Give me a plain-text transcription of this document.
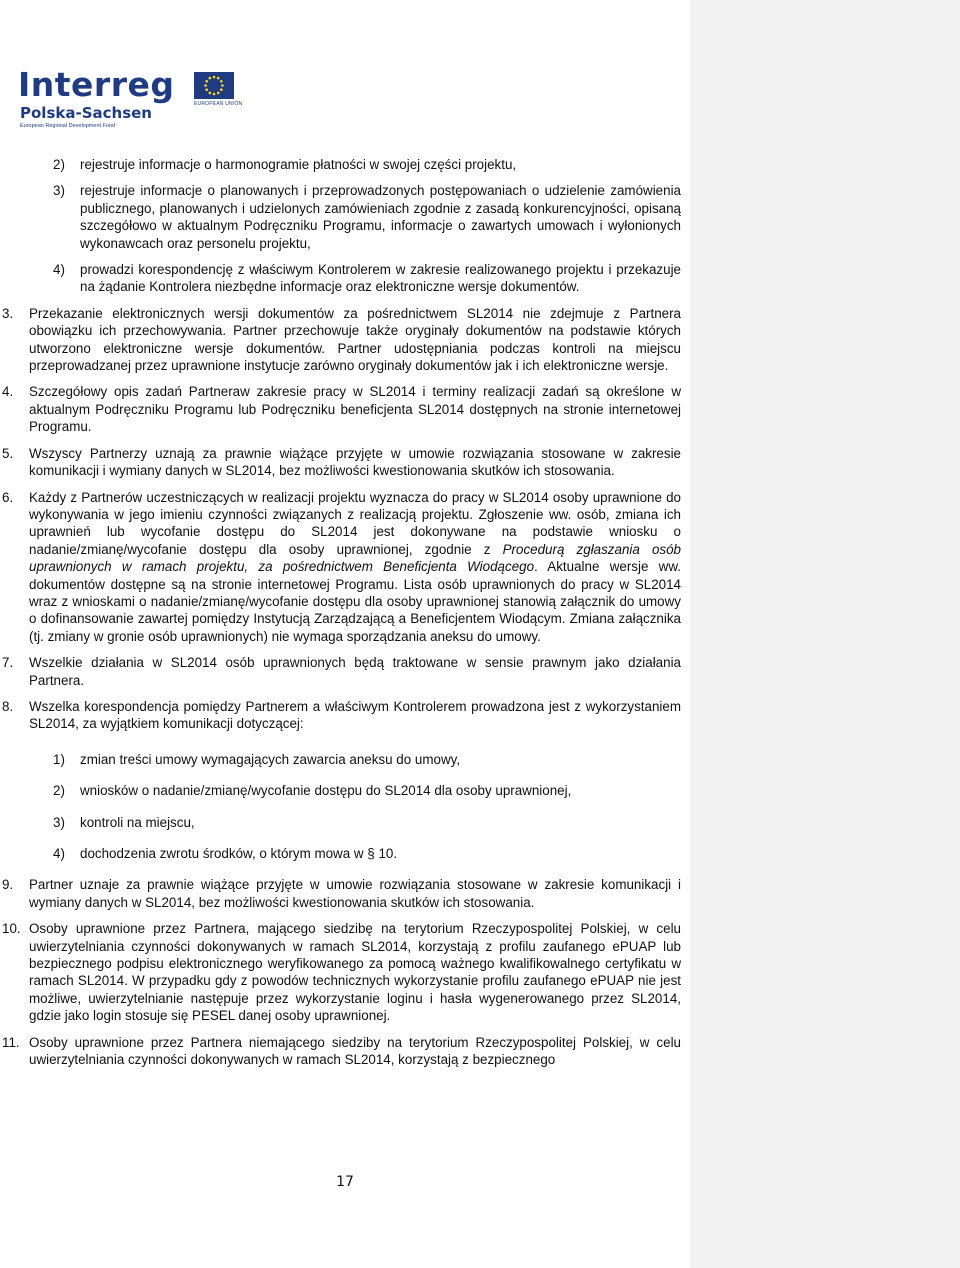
Interreg
Polska-Sachsen
European Regional Development Fund
EUROPEAN UNION
2) rejestruje informacje o harmonogramie płatności w swojej części projektu,
3) rejestruje informacje o planowanych i przeprowadzonych postępowaniach o udzielenie zamówienia publicznego, planowanych i udzielonych zamówieniach zgodnie z zasadą konkurencyjności, opisaną szczegółowo w aktualnym Podręczniku Programu, informacje o zawartych umowach i wyłonionych wykonawcach oraz personelu projektu,
4) prowadzi korespondencję z właściwym Kontrolerem w zakresie realizowanego projektu i przekazuje na żądanie Kontrolera niezbędne informacje oraz elektroniczne wersje dokumentów.
3. Przekazanie elektronicznych wersji dokumentów za pośrednictwem SL2014 nie zdejmuje z Partnera obowiązku ich przechowywania. Partner przechowuje także oryginały dokumentów na podstawie których utworzono elektroniczne wersje dokumentów. Partner udostępniania podczas kontroli na miejscu przeprowadzanej przez uprawnione instytucje zarówno oryginały dokumentów jak i ich elektroniczne wersje.
4. Szczegółowy opis zadań Partneraw zakresie pracy w SL2014 i terminy realizacji zadań są określone w aktualnym Podręczniku Programu lub Podręczniku beneficjenta SL2014 dostępnych na stronie internetowej Programu.
5. Wszyscy Partnerzy uznają za prawnie wiążące przyjęte w umowie rozwiązania stosowane w zakresie komunikacji i wymiany danych w SL2014, bez możliwości kwestionowania skutków ich stosowania.
6. Każdy z Partnerów uczestniczących w realizacji projektu wyznacza do pracy w SL2014 osoby uprawnione do wykonywania w jego imieniu czynności związanych z realizacją projektu. Zgłoszenie ww. osób, zmiana ich uprawnień lub wycofanie dostępu do SL2014 jest dokonywane na podstawie wniosku o nadanie/zmianę/wycofanie dostępu dla osoby uprawnionej, zgodnie z Procedurą zgłaszania osób uprawnionych w ramach projektu, za pośrednictwem Beneficjenta Wiodącego. Aktualne wersje ww. dokumentów dostępne są na stronie internetowej Programu. Lista osób uprawnionych do pracy w SL2014 wraz z wnioskami o nadanie/zmianę/wycofanie dostępu dla osoby uprawnionej stanowią załącznik do umowy o dofinansowanie zawartej pomiędzy Instytucją Zarządzającą a Beneficjentem Wiodącym. Zmiana załącznika (tj. zmiany w gronie osób uprawnionych) nie wymaga sporządzania aneksu do umowy.
7. Wszelkie działania w SL2014 osób uprawnionych będą traktowane w sensie prawnym jako działania Partnera.
8. Wszelka korespondencja pomiędzy Partnerem a właściwym Kontrolerem prowadzona jest z wykorzystaniem SL2014, za wyjątkiem komunikacji dotyczącej:
1) zmian treści umowy wymagających zawarcia aneksu do umowy,
2) wniosków o nadanie/zmianę/wycofanie dostępu do SL2014 dla osoby uprawnionej,
3) kontroli na miejscu,
4) dochodzenia zwrotu środków, o którym mowa w § 10.
9. Partner uznaje za prawnie wiążące przyjęte w umowie rozwiązania stosowane w zakresie komunikacji i wymiany danych w SL2014, bez możliwości kwestionowania skutków ich stosowania.
10. Osoby uprawnione przez Partnera, mającego siedzibę na terytorium Rzeczypospolitej Polskiej, w celu uwierzytelniania czynności dokonywanych w ramach SL2014, korzystają z profilu zaufanego ePUAP lub bezpiecznego podpisu elektronicznego weryfikowanego za pomocą ważnego kwalifikowalnego certyfikatu w ramach SL2014. W przypadku gdy z powodów technicznych wykorzystanie profilu zaufanego ePUAP nie jest możliwe, uwierzytelnianie następuje przez wykorzystanie loginu i hasła wygenerowanego przez SL2014, gdzie jako login stosuje się PESEL danej osoby uprawnionej.
11. Osoby uprawnione przez Partnera niemającego siedziby na terytorium Rzeczypospolitej Polskiej, w celu uwierzytelniania czynności dokonywanych w ramach SL2014, korzystają z bezpiecznego
17
